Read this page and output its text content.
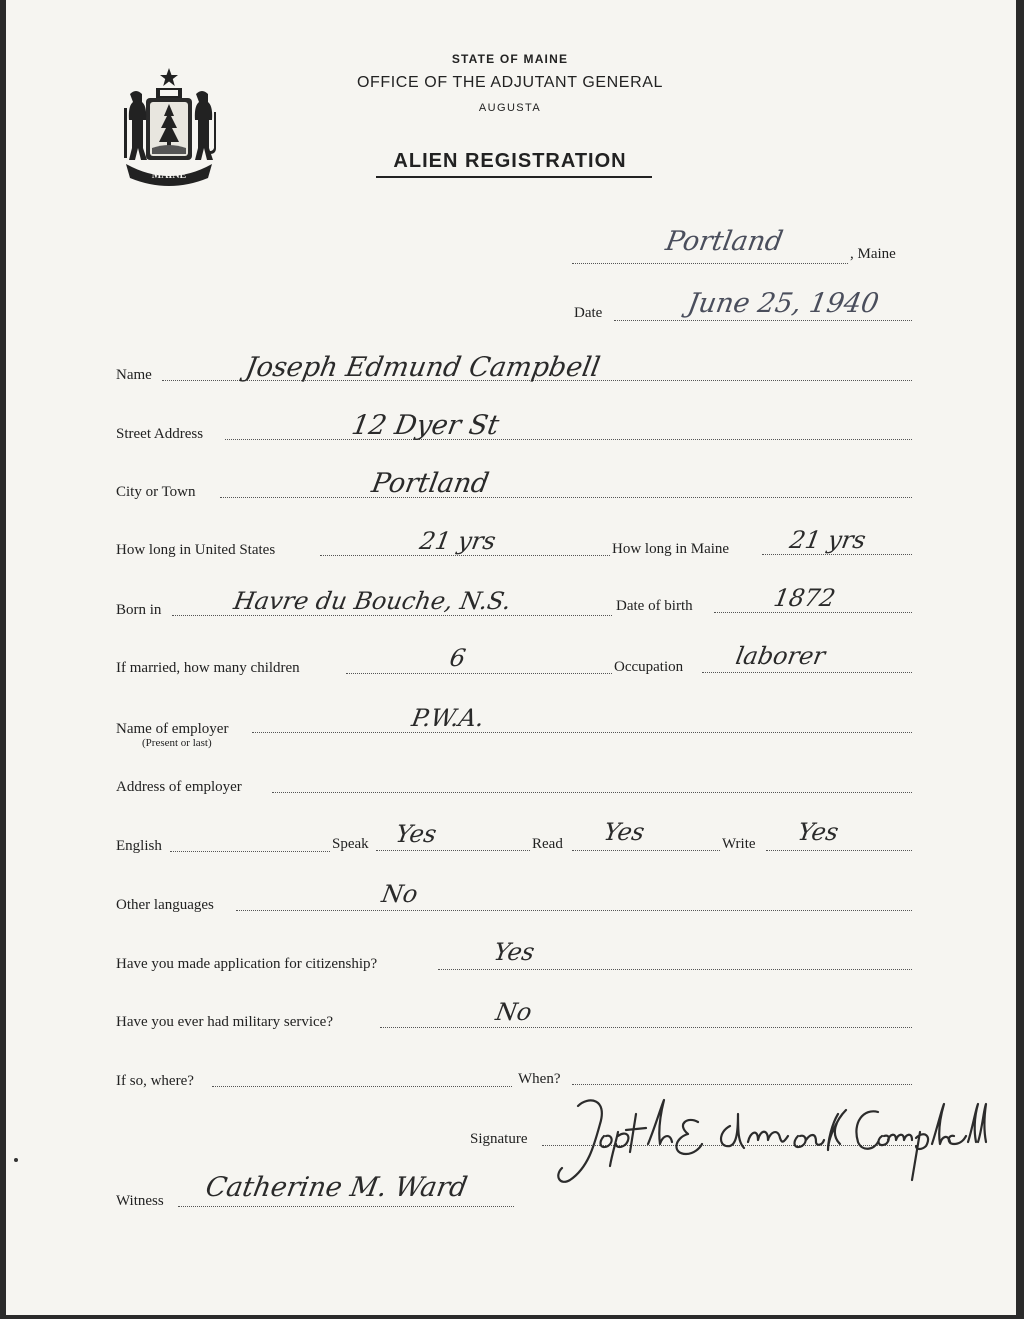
MAINE
STATE OF MAINE
OFFICE OF THE ADJUTANT GENERAL
AUGUSTA
ALIEN REGISTRATION
Portland	, Maine
Date	June 25, 1940
Name	Joseph Edmund Campbell
Street Address	12 Dyer St
City or Town	Portland
How long in United States	21 yrs	How long in Maine 21 yrs
Born in	Havre du Bouche, N.S.	Date of birth	1872
If married, how many children	6	Occupation laborer
Name of employer
(Present or last)
P.W.A.
Address of employer
English	Speak Yes	Read Yes	Write Yes
Other languages	No
Have you made application for citizenship?	Yes
Have you ever had military service?	No
If so, where?	When?
Signature
Witness Catherine M. Ward
